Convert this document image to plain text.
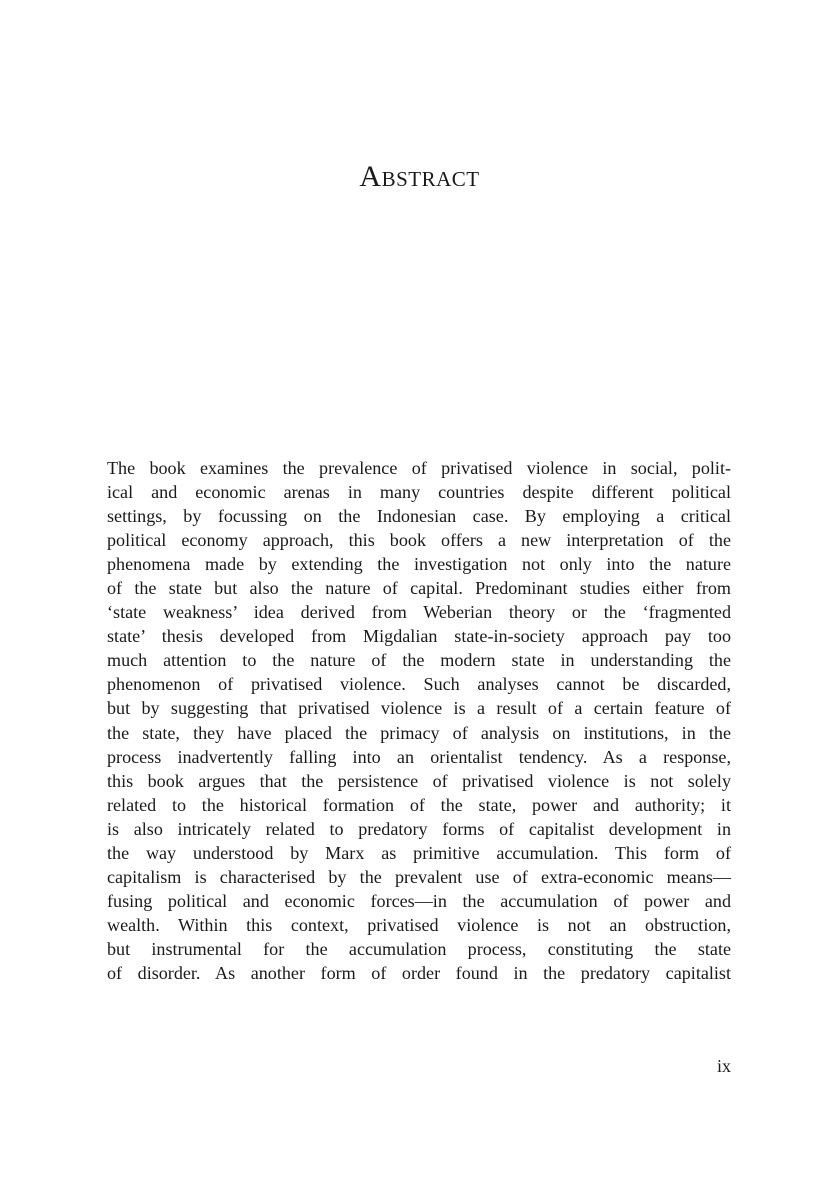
Abstract

The book examines the prevalence of privatised violence in social, polit-
ical and economic arenas in many countries despite different political
settings, by focussing on the Indonesian case. By employing a critical
political economy approach, this book offers a new interpretation of the
phenomena made by extending the investigation not only into the nature
of the state but also the nature of capital. Predominant studies either from
‘state weakness’ idea derived from Weberian theory or the ‘fragmented
state’ thesis developed from Migdalian state-in-society approach pay too
much attention to the nature of the modern state in understanding the
phenomenon of privatised violence. Such analyses cannot be discarded,
but by suggesting that privatised violence is a result of a certain feature of
the state, they have placed the primacy of analysis on institutions, in the
process inadvertently falling into an orientalist tendency. As a response,
this book argues that the persistence of privatised violence is not solely
related to the historical formation of the state, power and authority; it
is also intricately related to predatory forms of capitalist development in
the way understood by Marx as primitive accumulation. This form of
capitalism is characterised by the prevalent use of extra-economic means—
fusing political and economic forces—in the accumulation of power and
wealth. Within this context, privatised violence is not an obstruction,
but instrumental for the accumulation process, constituting the state
of disorder. As another form of order found in the predatory capitalist

ix
